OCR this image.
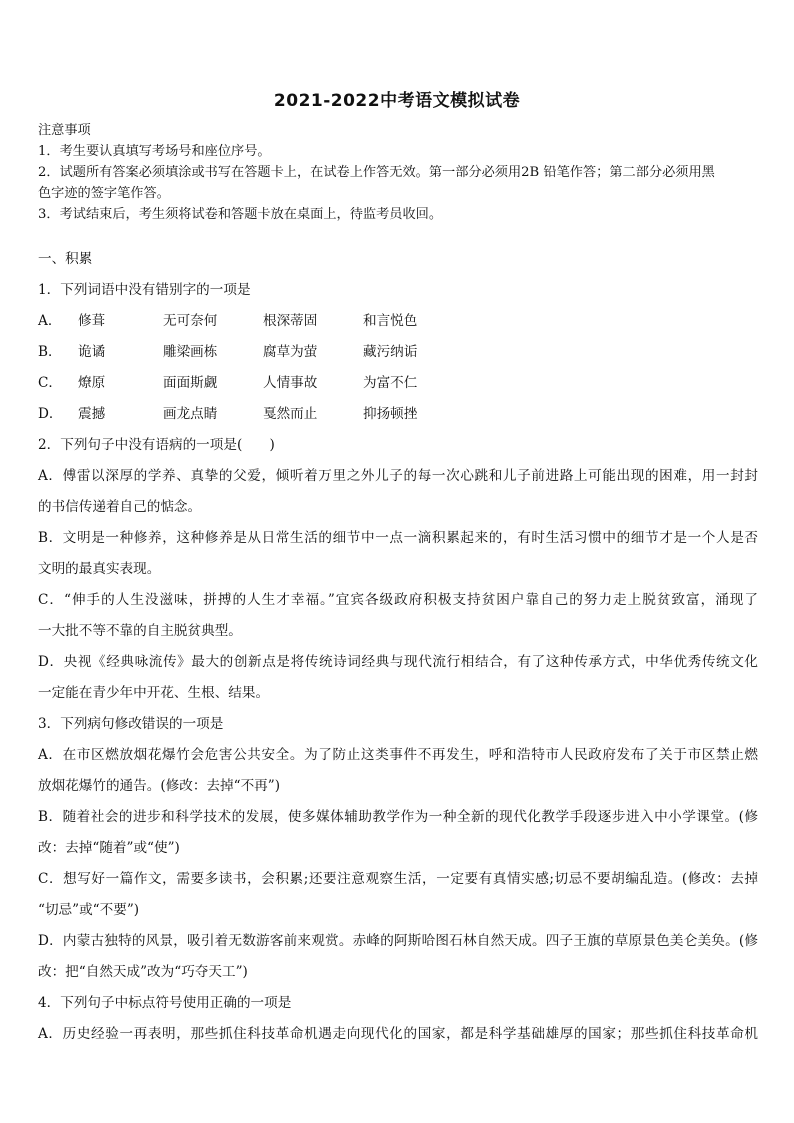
2021-2022中考语文模拟试卷
注意事项
1．考生要认真填写考场号和座位序号。
2．试题所有答案必须填涂或书写在答题卡上，在试卷上作答无效。第一部分必须用2B 铅笔作答；第二部分必须用黑
色字迹的签字笔作答。
3．考试结束后，考生须将试卷和答题卡放在桌面上，待监考员收回。
一、积累
1．下列词语中没有错别字的一项是
A．	修葺	无可奈何	根深蒂固	和言悦色
B．	诡谲	雕梁画栋	腐草为萤	藏污纳诟
C．	燎原	面面斯觑	人情事故	为富不仁
D．	震撼	画龙点睛	戛然而止	抑扬顿挫
2．下列句子中没有语病的一项是(　　)
A．傅雷以深厚的学养、真挚的父爱，倾听着万里之外儿子的每一次心跳和儿子前进路上可能出现的困难，用一封封
的书信传递着自己的惦念。
B．文明是一种修养，这种修养是从日常生活的细节中一点一滴积累起来的，有时生活习惯中的细节才是一个人是否
文明的最真实表现。
C．“伸手的人生没滋味，拼搏的人生才幸福。”宜宾各级政府积极支持贫困户靠自己的努力走上脱贫致富，涌现了
一大批不等不靠的自主脱贫典型。
D．央视《经典咏流传》最大的创新点是将传统诗词经典与现代流行相结合，有了这种传承方式，中华优秀传统文化
一定能在青少年中开花、生根、结果。
3．下列病句修改错误的一项是
A．在市区燃放烟花爆竹会危害公共安全。为了防止这类事件不再发生，呼和浩特市人民政府发布了关于市区禁止燃
放烟花爆竹的通告。(修改：去掉“不再”)
B．随着社会的进步和科学技术的发展，使多媒体辅助教学作为一种全新的现代化教学手段逐步进入中小学课堂。(修
改：去掉“随着”或“使”)
C．想写好一篇作文，需要多读书，会积累;还要注意观察生活，一定要有真情实感;切忌不要胡编乱造。(修改：去掉
“切忌”或“不要”)
D．内蒙古独特的风景，吸引着无数游客前来观赏。赤峰的阿斯哈图石林自然天成。四子王旗的草原景色美仑美奂。(修
改：把“自然天成”改为“巧夺天工”)
4．下列句子中标点符号使用正确的一项是
A．历史经验一再表明，那些抓住科技革命机遇走向现代化的国家，都是科学基础雄厚的国家；那些抓住科技革命机
